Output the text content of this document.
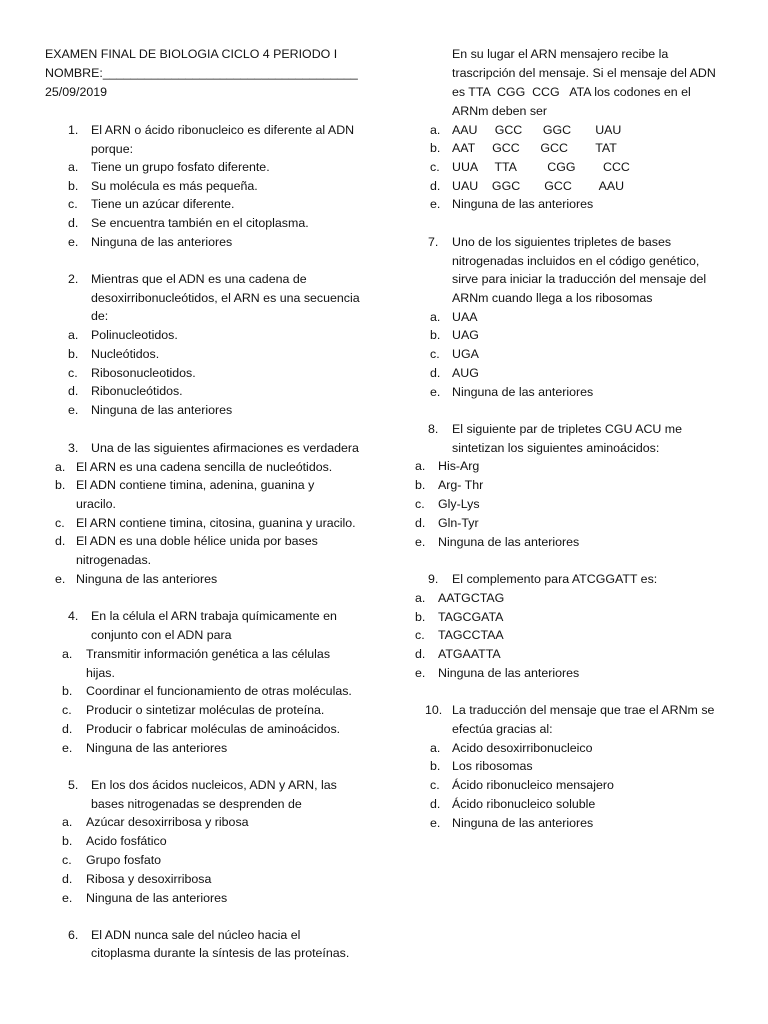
EXAMEN FINAL DE BIOLOGIA CICLO 4 PERIODO I
NOMBRE:_____________________________________
25/09/2019
1. El ARN o ácido ribonucleico es diferente al ADN
porque:
a. Tiene un grupo fosfato diferente.
b. Su molécula es más pequeña.
c. Tiene un azúcar diferente.
d. Se encuentra también en el citoplasma.
e. Ninguna de las anteriores
2. Mientras que el ADN es una cadena de
desoxirribonucleótidos, el ARN es una secuencia
de:
a. Polinucleotidos.
b. Nucleótidos.
c. Ribosonucleotidos.
d. Ribonucleótidos.
e. Ninguna de las anteriores
3. Una de las siguientes afirmaciones es verdadera
a. El ARN es una cadena sencilla de nucleótidos.
b. El ADN contiene timina, adenina, guanina y
uracilo.
c. El ARN contiene timina, citosina, guanina y uracilo.
d. El ADN es una doble hélice unida por bases
nitrogenadas.
e. Ninguna de las anteriores
4. En la célula el ARN trabaja químicamente en
conjunto con el ADN para
a. Transmitir información genética a las células
hijas.
b. Coordinar el funcionamiento de otras moléculas.
c. Producir o sintetizar moléculas de proteína.
d. Producir o fabricar moléculas de aminoácidos.
e. Ninguna de las anteriores
5. En los dos ácidos nucleicos, ADN y ARN, las
bases nitrogenadas se desprenden de
a. Azúcar desoxirribosa y ribosa
b. Acido fosfático
c. Grupo fosfato
d. Ribosa y desoxirribosa
e. Ninguna de las anteriores
6. El ADN nunca sale del núcleo hacia el
citoplasma durante la síntesis de las proteínas.
En su lugar el ARN mensajero recibe la
trascripción del mensaje. Si el mensaje del ADN
es TTA  CGG  CCG   ATA los codones en el
ARNm deben ser
a. AAU     GCC      GGC       UAU
b. AAT     GCC      GCC        TAT
c. UUA     TTA         CGG        CCC
d. UAU    GGC       GCC        AAU
e. Ninguna de las anteriores
7. Uno de los siguientes tripletes de bases
nitrogenadas incluidos en el código genético,
sirve para iniciar la traducción del mensaje del
ARNm cuando llega a los ribosomas
a. UAA
b. UAG
c. UGA
d. AUG
e. Ninguna de las anteriores
8. El siguiente par de tripletes CGU ACU me
sintetizan los siguientes aminoácidos:
a. His-Arg
b. Arg- Thr
c. Gly-Lys
d. Gln-Tyr
e. Ninguna de las anteriores
9. El complemento para ATCGGATT es:
a. AATGCTAG
b. TAGCGATA
c. TAGCCTAA
d. ATGAATTA
e. Ninguna de las anteriores
10. La traducción del mensaje que trae el ARNm se
efectúa gracias al:
a. Acido desoxirribonucleico
b. Los ribosomas
c. Ácido ribonucleico mensajero
d. Ácido ribonucleico soluble
e. Ninguna de las anteriores
